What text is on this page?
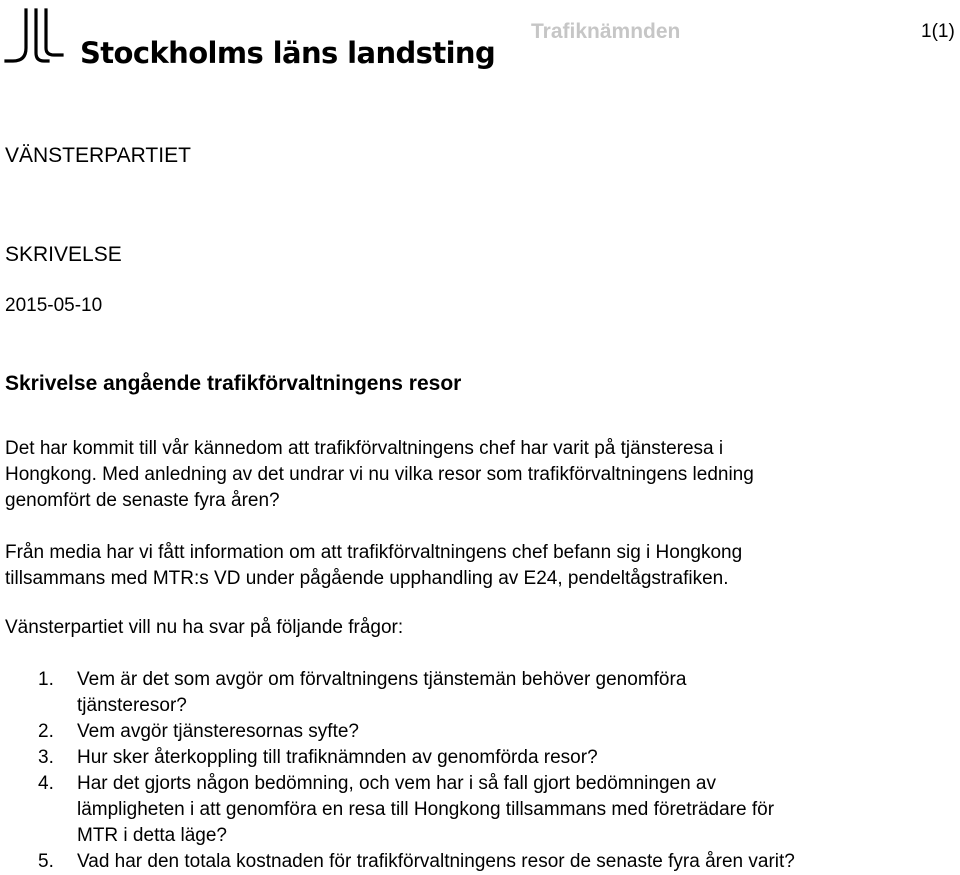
Stockholms läns landsting
Trafiknämnden	1(1)
VÄNSTERPARTIET
SKRIVELSE
2015-05-10
Skrivelse angående trafikförvaltningens resor
Det har kommit till vår kännedom att trafikförvaltningens chef har varit på tjänsteresa i
Hongkong. Med anledning av det undrar vi nu vilka resor som trafikförvaltningens ledning
genomfört de senaste fyra åren?
Från media har vi fått information om att trafikförvaltningens chef befann sig i Hongkong
tillsammans med MTR:s VD under pågående upphandling av E24, pendeltågstrafiken.
Vänsterpartiet vill nu ha svar på följande frågor:
1. Vem är det som avgör om förvaltningens tjänstemän behöver genomföra
tjänsteresor?
2. Vem avgör tjänsteresornas syfte?
3. Hur sker återkoppling till trafiknämnden av genomförda resor?
4. Har det gjorts någon bedömning, och vem har i så fall gjort bedömningen av
lämpligheten i att genomföra en resa till Hongkong tillsammans med företrädare för
MTR i detta läge?
5. Vad har den totala kostnaden för trafikförvaltningens resor de senaste fyra åren varit?
